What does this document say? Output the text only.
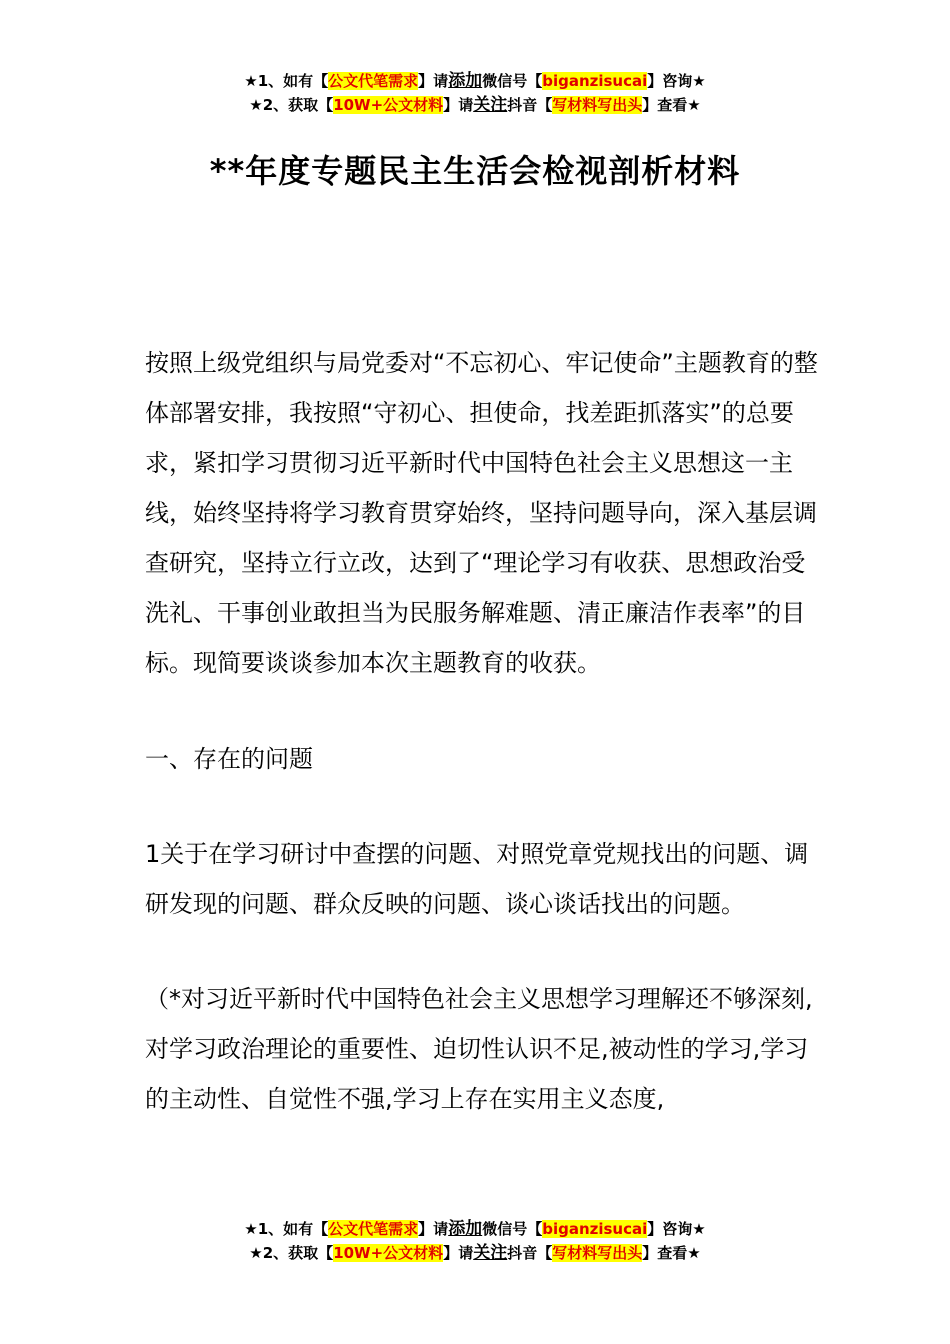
★1、如有【公文代笔需求】请添加微信号【biganzisucai】咨询★
★2、获取【10W+公文材料】请关注抖音【写材料写出头】查看★
**年度专题民主生活会检视剖析材料

按照上级党组织与局党委对“不忘初心、牢记使命”主题教育的整体部署安排，我按照“守初心、担使命，找差距抓落实”的总要求，紧扣学习贯彻习近平新时代中国特色社会主义思想这一主线，始终坚持将学习教育贯穿始终，坚持问题导向，深入基层调查研究，坚持立行立改，达到了“理论学习有收获、思想政治受洗礼、干事创业敢担当为民服务解难题、清正廉洁作表率”的目标。现简要谈谈参加本次主题教育的收获。

一、存在的问题

1关于在学习研讨中查摆的问题、对照党章党规找出的问题、调研发现的问题、群众反映的问题、谈心谈话找出的问题。

（*对习近平新时代中国特色社会主义思想学习理解还不够深刻,对学习政治理论的重要性、迫切性认识不足,被动性的学习,学习的主动性、自觉性不强,学习上存在实用主义态度,

★1、如有【公文代笔需求】请添加微信号【biganzisucai】咨询★
★2、获取【10W+公文材料】请关注抖音【写材料写出头】查看★
